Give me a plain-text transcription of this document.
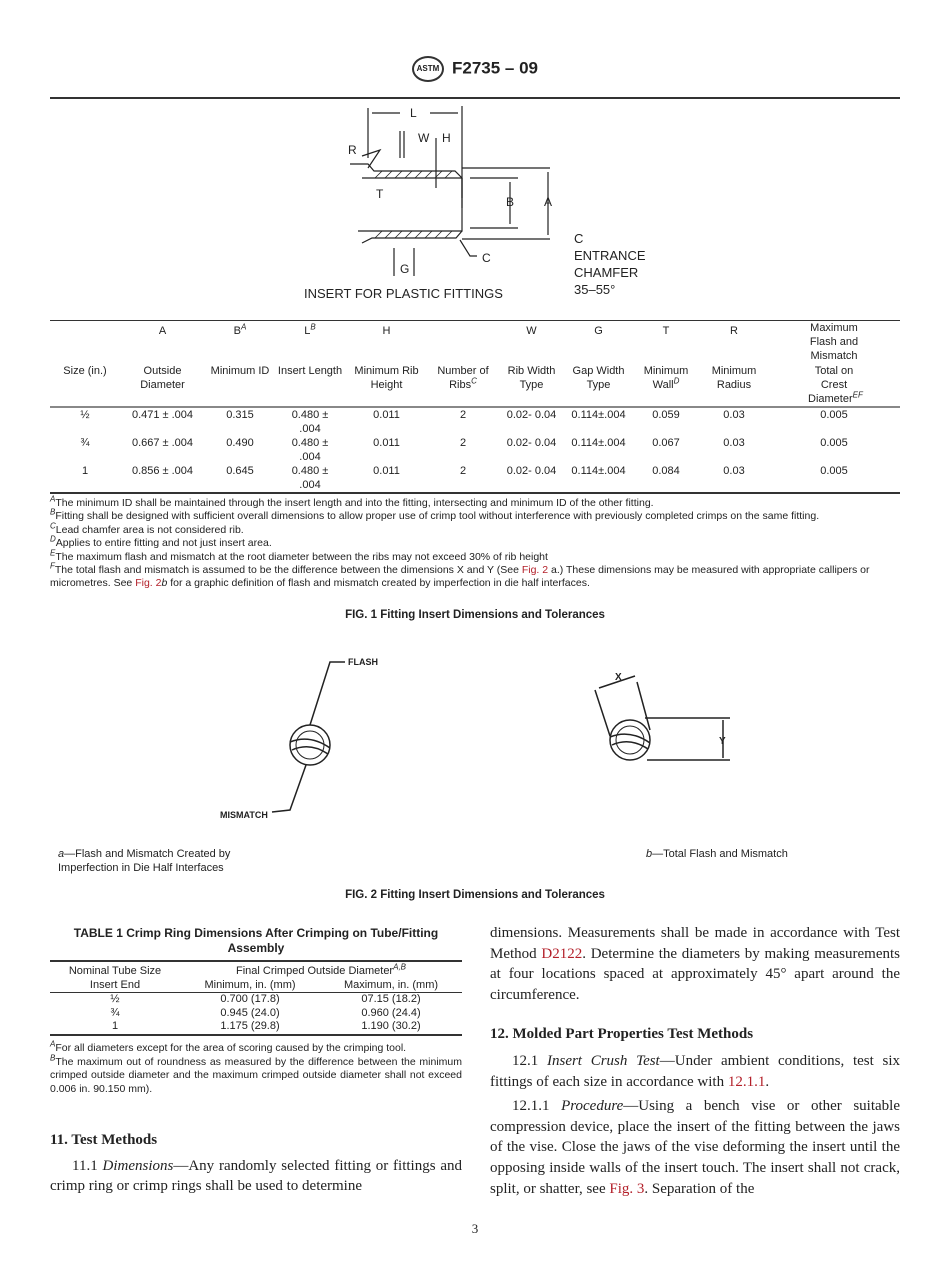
ASTM F2735 – 09
L
W H
R
T
B A
C
G
INSERT FOR PLASTIC FITTINGS
C
ENTRANCE
CHAMFER
35–55°
	A	$B^A$	$L^B$	H		W	G	T	R	Maximum Flash and Mismatch
Size (in.)	Outside Diameter	Minimum ID	Insert Length	Minimum Rib Height	Number of Ribs$^C$	Rib Width Type	Gap Width Type	Minimum Wall$^D$	Minimum Radius	Total on Crest Diameter$^{EF}$
½	0.471 ± .004	0.315	0.480 ± .004	0.011	2	0.02- 0.04	0.114±.004	0.059	0.03	0.005
¾	0.667 ± .004	0.490	0.480 ± .004	0.011	2	0.02- 0.04	0.114±.004	0.067	0.03	0.005
1	0.856 ± .004	0.645	0.480 ± .004	0.011	2	0.02- 0.04	0.114±.004	0.084	0.03	0.005
$^A$The minimum ID shall be maintained through the insert length and into the fitting, intersecting and minimum ID of the other fitting.
$^B$Fitting shall be designed with sufficient overall dimensions to allow proper use of crimp tool without interference with previously completed crimps on the same fitting.
$^C$Lead chamfer area is not considered rib.
$^D$Applies to entire fitting and not just insert area.
$^E$The maximum flash and mismatch at the root diameter between the ribs may not exceed 30% of rib height
$^F$The total flash and mismatch is assumed to be the difference between the dimensions X and Y (See Fig. 2 a.) These dimensions may be measured with appropriate callipers or micrometres. See Fig. 2b for a graphic definition of flash and mismatch created by imperfection in die half interfaces.
FIG. 1 Fitting Insert Dimensions and Tolerances
FLASH
MISMATCH
X
Y
a—Flash and Mismatch Created by Imperfection in Die Half Interfaces
b—Total Flash and Mismatch
FIG. 2 Fitting Insert Dimensions and Tolerances
TABLE 1 Crimp Ring Dimensions After Crimping on Tube/Fitting Assembly
Nominal Tube Size	Final Crimped Outside Diameter$^{A,B}$
Insert End	Minimum, in. (mm)	Maximum, in. (mm)
½	0.700 (17.8)	07.15 (18.2)
¾	0.945 (24.0)	0.960 (24.4)
1	1.175 (29.8)	1.190 (30.2)
$^A$For all diameters except for the area of scoring caused by the crimping tool.
$^B$The maximum out of roundness as measured by the difference between the minimum crimped outside diameter and the maximum crimped outside diameter shall not exceed 0.006 in. 90.150 mm).

11. Test Methods

11.1 Dimensions—Any randomly selected fitting or fittings and crimp ring or crimp rings shall be used to determine

dimensions. Measurements shall be made in accordance with Test Method D2122. Determine the diameters by making measurements at four locations spaced at approximately 45° apart around the circumference.

12. Molded Part Properties Test Methods

12.1 Insert Crush Test—Under ambient conditions, test six fittings of each size in accordance with 12.1.1.

12.1.1 Procedure—Using a bench vise or other suitable compression device, place the insert of the fitting between the jaws of the vise. Close the jaws of the vise deforming the insert until the opposing inside walls of the insert touch. The insert shall not crack, split, or shatter, see Fig. 3. Separation of the

3
